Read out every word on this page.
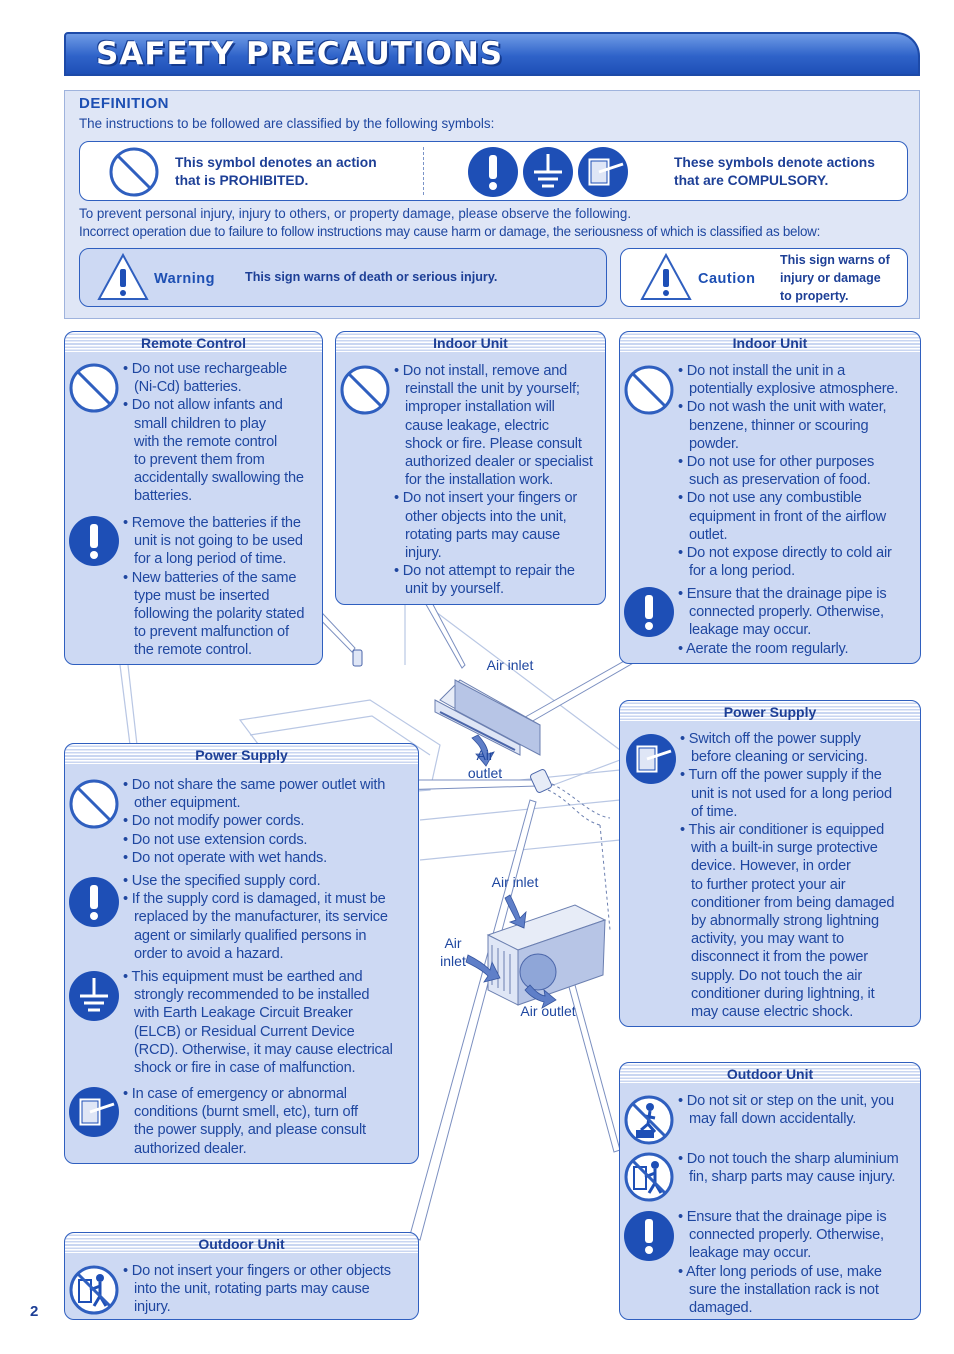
SAFETY PRECAUTIONS
DEFINITION
The instructions to be followed are classified by the following symbols:
This symbol denotes an action
that is PROHIBITED.
These symbols denote actions
that are COMPULSORY.
To prevent personal injury, injury to others, or property damage, please observe the following.
Incorrect operation due to failure to follow instructions may cause harm or damage, the seriousness of which is classified as below:
Warning This sign warns of death or serious injury.	Caution
This sign warns of
injury or damage
to property.
Air inlet
Air
outlet
Air inlet
Air
inlet
Air outlet
Remote Control
• Do not use rechargeable
(Ni-Cd) batteries.
• Do not allow infants and
small children to play
with the remote control
to prevent them from
accidentally swallowing the
batteries.
• Remove the batteries if the
unit is not going to be used
for a long period of time.
• New batteries of the same
type must be inserted
following the polarity stated
to prevent malfunction of
the remote control.
Indoor Unit
• Do not install, remove and
reinstall the unit by yourself;
improper installation will
cause leakage, electric
shock or fire. Please consult
authorized dealer or specialist
for the installation work.
• Do not insert your fingers or
other objects into the unit,
rotating parts may cause
injury.
• Do not attempt to repair the
unit by yourself.
Indoor Unit
• Do not install the unit in a
potentially explosive atmosphere.
• Do not wash the unit with water,
benzene, thinner or scouring
powder.
• Do not use for other purposes
such as preservation of food.
• Do not use any combustible
equipment in front of the airflow
outlet.
• Do not expose directly to cold air
for a long period.
• Ensure that the drainage pipe is
connected properly. Otherwise,
leakage may occur.
• Aerate the room regularly.
Power Supply
• Switch off the power supply
before cleaning or servicing.
• Turn off the power supply if the
unit is not used for a long period
of time.
• This air conditioner is equipped
with a built-in surge protective
device. However, in order
to further protect your air
conditioner from being damaged
by abnormally strong lightning
activity, you may want to
disconnect it from the power
supply. Do not touch the air
conditioner during lightning, it
may cause electric shock.
Power Supply
• Do not share the same power outlet with
other equipment.
• Do not modify power cords.
• Do not use extension cords.
• Do not operate with wet hands.
• Use the specified supply cord.
• If the supply cord is damaged, it must be
replaced by the manufacturer, its service
agent or similarly qualified persons in
order to avoid a hazard.
• This equipment must be earthed and
strongly recommended to be installed
with Earth Leakage Circuit Breaker
(ELCB) or Residual Current Device
(RCD). Otherwise, it may cause electrical
shock or fire in case of malfunction.
• In case of emergency or abnormal
conditions (burnt smell, etc), turn off
the power supply, and please consult
authorized dealer.
Outdoor Unit
• Do not sit or step on the unit, you
may fall down accidentally.
• Do not touch the sharp aluminium
fin, sharp parts may cause injury.
• Ensure that the drainage pipe is
connected properly. Otherwise,
leakage may occur.
• After long periods of use, make
sure the installation rack is not
damaged.
Outdoor Unit
• Do not insert your fingers or other objects
into the unit, rotating parts may cause
injury.
2
